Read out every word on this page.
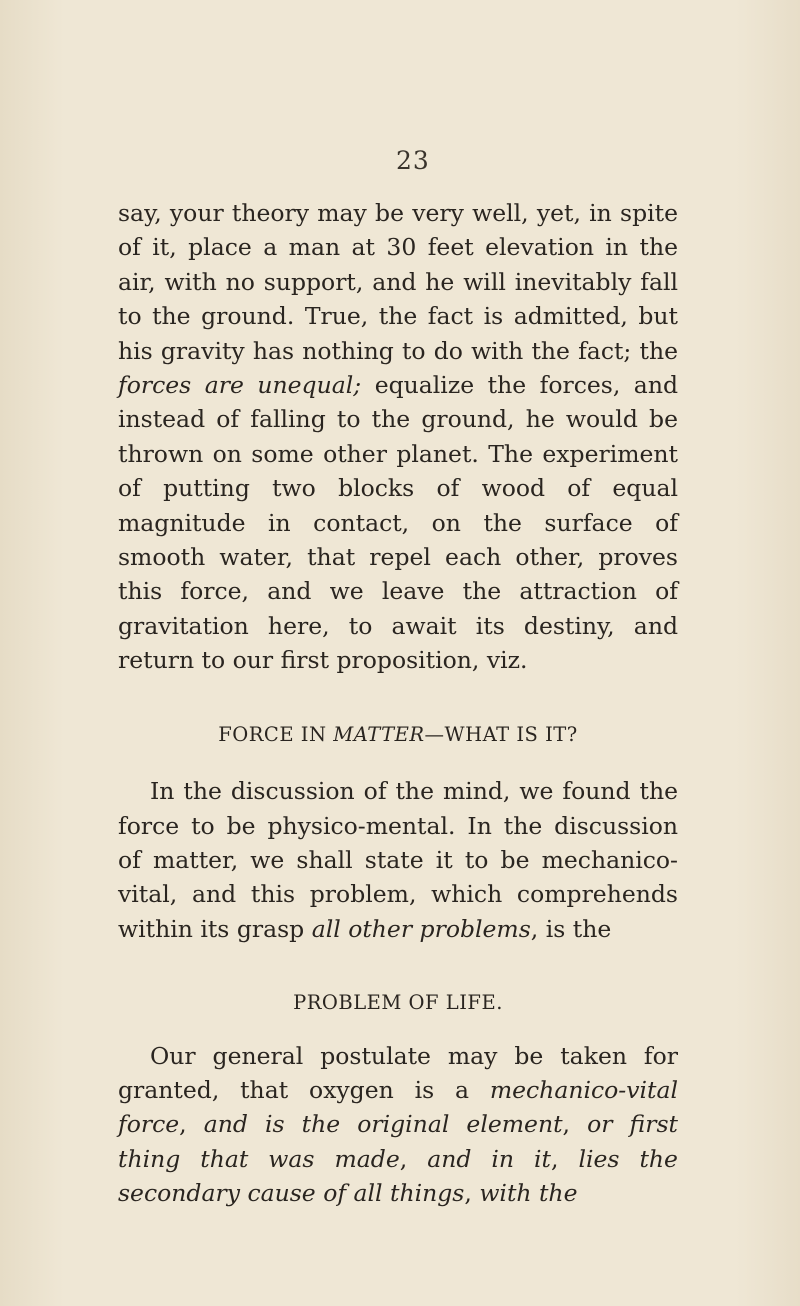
23

say, your theory may be very well, yet, in spite of it, place a man at 30 feet elevation in the air, with no support, and he will inevitably fall to the ground. True, the fact is admitted, but his gravity has nothing to do with the fact; the forces are unequal; equalize the forces, and instead of falling to the ground, he would be thrown on some other planet. The experiment of putting two blocks of wood of equal magnitude in contact, on the surface of smooth water, that repel each other, proves this force, and we leave the attraction of gravitation here, to await its destiny, and return to our first proposition, viz.

FORCE IN MATTER—WHAT IS IT?

In the discussion of the mind, we found the force to be physico-mental. In the discussion of matter, we shall state it to be mechanico-vital, and this problem, which comprehends within its grasp all other problems, is the

PROBLEM OF LIFE.

Our general postulate may be taken for granted, that oxygen is a mechanico-vital force, and is the original element, or first thing that was made, and in it, lies the secondary cause of all things, with the
